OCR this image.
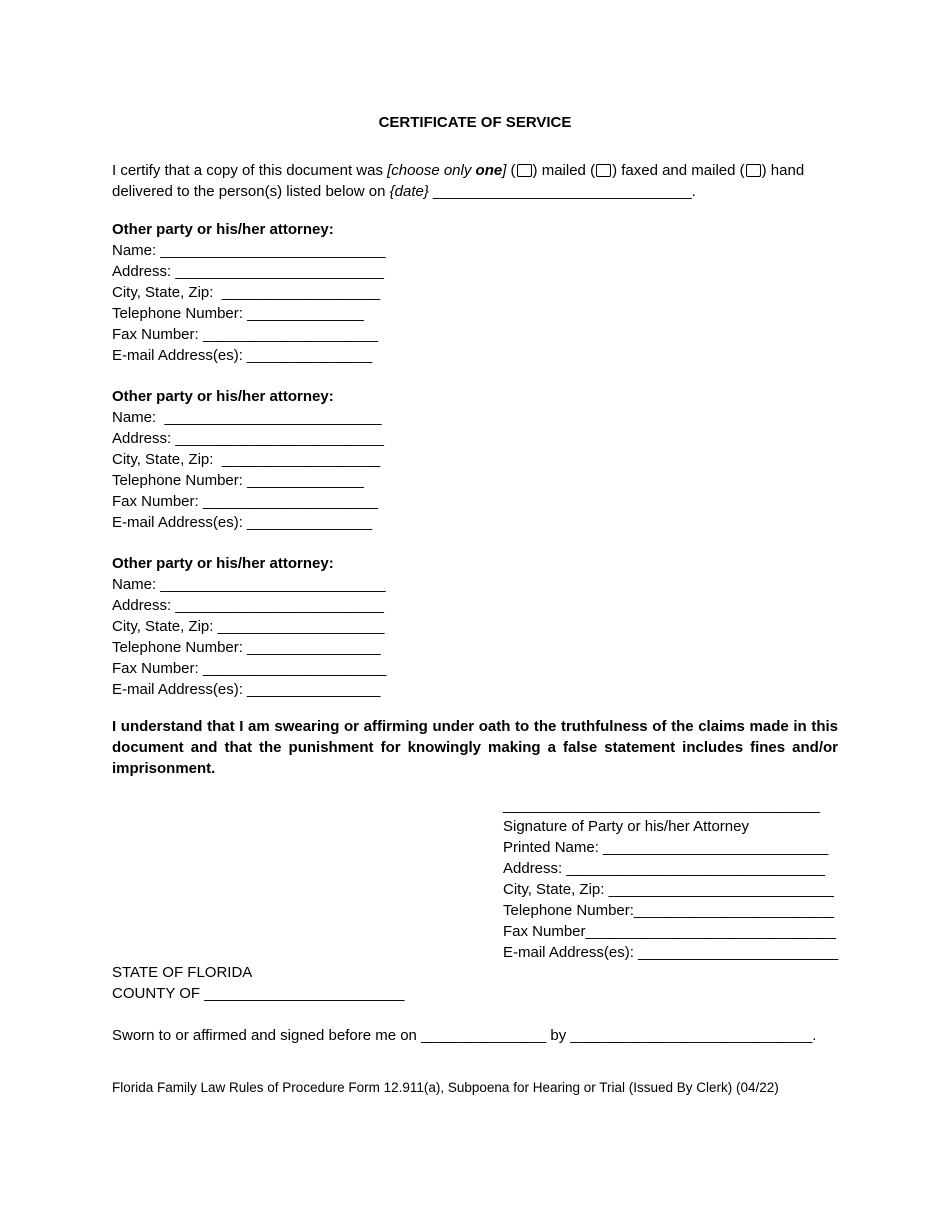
CERTIFICATE OF SERVICE
I certify that a copy of this document was [choose only one] ( ) mailed ( ) faxed and mailed ( ) hand
delivered to the person(s) listed below on {date} _______________________________.
Other party or his/her attorney:
Name: ___________________________
Address: _________________________
City, State, Zip:  ___________________
Telephone Number: ______________
Fax Number: _____________________
E-mail Address(es): _______________
Other party or his/her attorney:
Name:  __________________________
Address: _________________________
City, State, Zip:  ___________________
Telephone Number: ______________
Fax Number: _____________________
E-mail Address(es): _______________
Other party or his/her attorney:
Name: ___________________________
Address: _________________________
City, State, Zip: ____________________
Telephone Number: ________________
Fax Number: ______________________
E-mail Address(es): ________________
I understand that I am swearing or affirming under oath to the truthfulness of the claims made in this document and that the punishment for knowingly making a false statement includes fines and/or imprisonment.
______________________________________
Signature of Party or his/her Attorney
Printed Name: ___________________________
Address: _______________________________
City, State, Zip: ___________________________
Telephone Number:________________________
Fax Number______________________________
E-mail Address(es): ________________________
STATE OF FLORIDA
COUNTY OF ________________________
Sworn to or affirmed and signed before me on _______________ by _____________________________.
Florida Family Law Rules of Procedure Form 12.911(a), Subpoena for Hearing or Trial (Issued By Clerk) (04/22)
